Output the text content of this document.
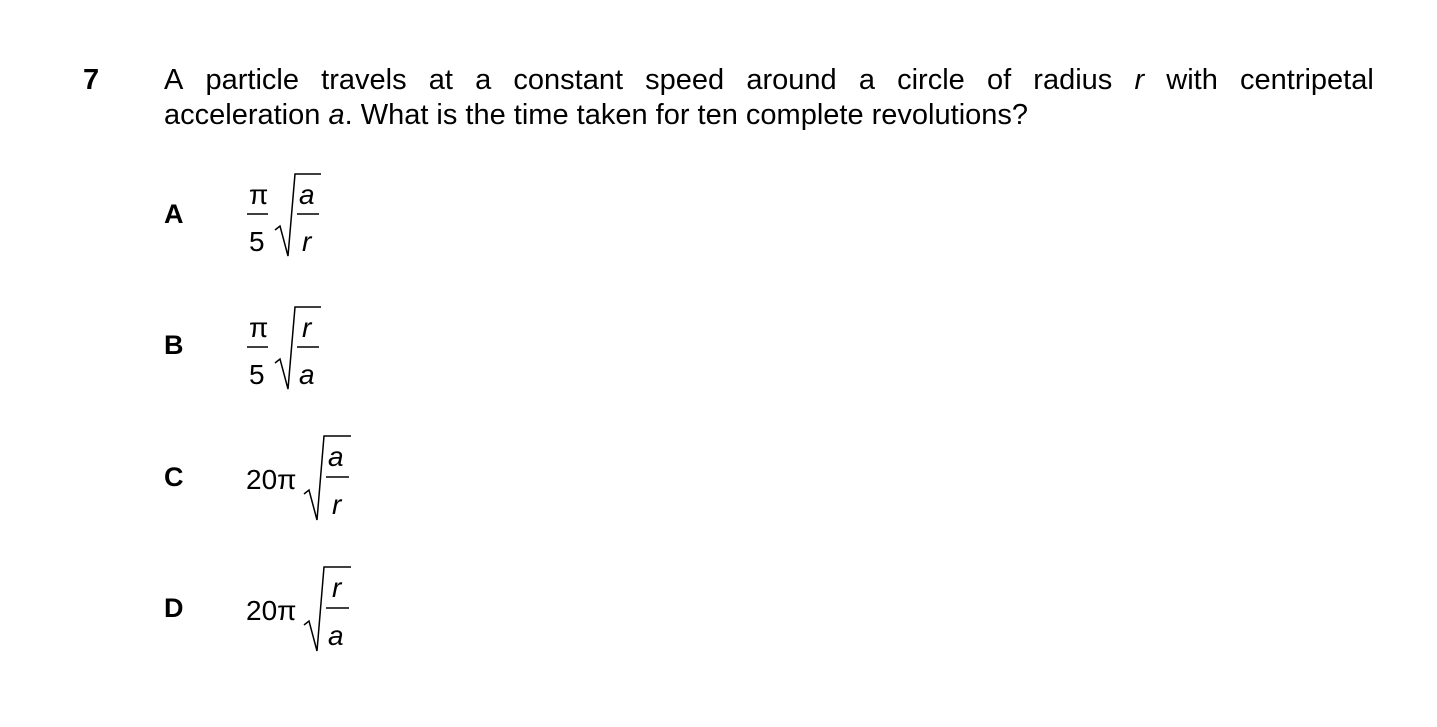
7 A particle travels at a constant speed around a circle of radius r with centripetal
acceleration a. What is the time taken for ten complete revolutions?
A
π
5
a
r
B
π
5
r
a
C 20π
a
r
D 20π
r
a
